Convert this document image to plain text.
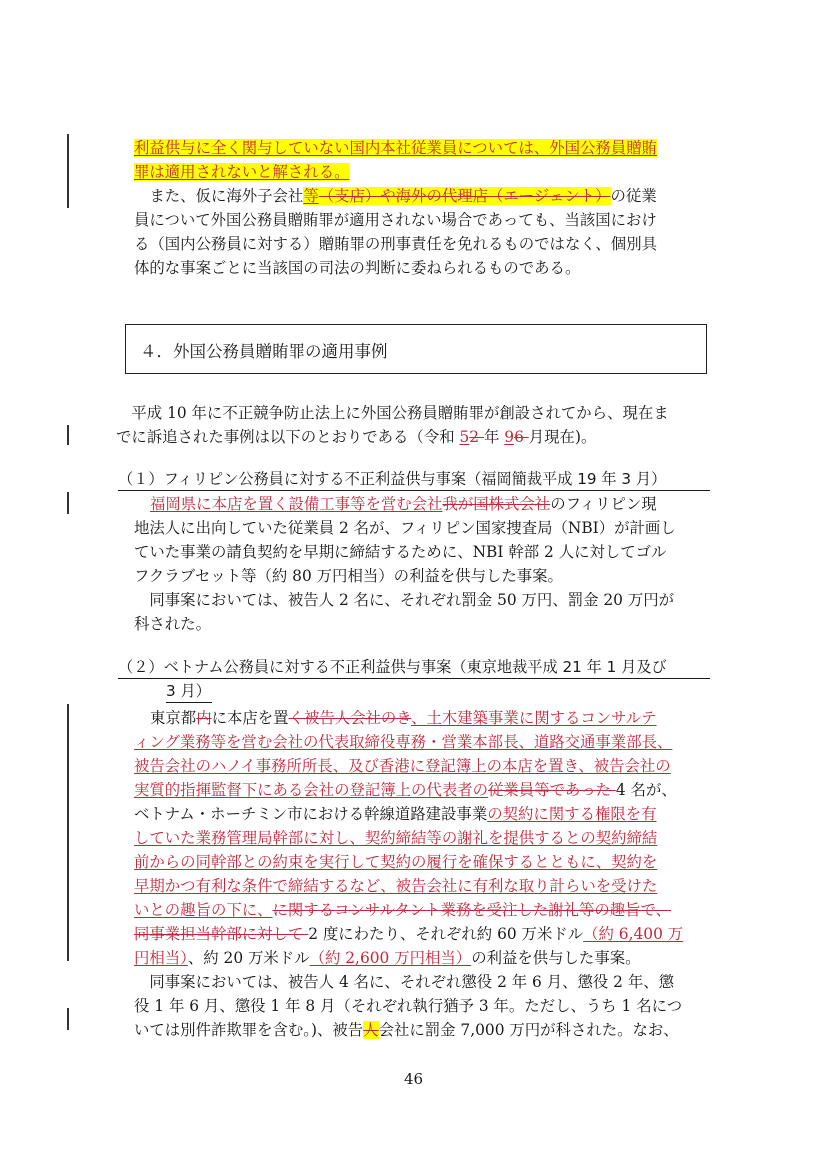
利益供与に全く関与していない国内本社従業員については、外国公務員贈賄
罪は適用されないと解される。
　また、仮に海外子会社等（支店）や海外の代理店（エージェント）の従業
員について外国公務員贈賄罪が適用されない場合であっても、当該国におけ
る（国内公務員に対する）贈賄罪の刑事責任を免れるものではなく、個別具
体的な事案ごとに当該国の司法の判断に委ねられるものである。
４．外国公務員贈賄罪の適用事例
　平成 10 年に不正競争防止法上に外国公務員贈賄罪が創設されてから、現在ま
でに訴追された事例は以下のとおりである（令和 52 年 96 月現在)。
（１）フィリピン公務員に対する不正利益供与事案（福岡簡裁平成 19 年 3 月）
福岡県に本店を置く設備工事等を営む会社我が国株式会社のフィリピン現
地法人に出向していた従業員 2 名が、フィリピン国家捜査局（NBI）が計画し
ていた事業の請負契約を早期に締結するために、NBI 幹部 2 人に対してゴル
フクラブセット等（約 80 万円相当）の利益を供与した事案。
　同事案においては、被告人 2 名に、それぞれ罰金 50 万円、罰金 20 万円が
科された。
（２）ベトナム公務員に対する不正利益供与事案（東京地裁平成 21 年 1 月及び
3 月）
東京都内に本店を置く被告人会社のき、土木建築事業に関するコンサルテ
ィング業務等を営む会社の代表取締役専務・営業本部長、道路交通事業部長、
被告会社のハノイ事務所所長、及び香港に登記簿上の本店を置き、被告会社の
実質的指揮監督下にある会社の登記簿上の代表者の従業員等であった 4 名が、
ベトナム・ホーチミン市における幹線道路建設事業の契約に関する権限を有
していた業務管理局幹部に対し、契約締結等の謝礼を提供するとの契約締結
前からの同幹部との約束を実行して契約の履行を確保するとともに、契約を
早期かつ有利な条件で締結するなど、被告会社に有利な取り計らいを受けた
いとの趣旨の下に、に関するコンサルタント業務を受注した謝礼等の趣旨で、
同事業担当幹部に対して 2 度にわたり、それぞれ約 60 万米ドル（約 6,400 万
円相当）、約 20 万米ドル（約 2,600 万円相当）の利益を供与した事案。
　同事案においては、被告人 4 名に、それぞれ懲役 2 年 6 月、懲役 2 年、懲
役 1 年 6 月、懲役 1 年 8 月（それぞれ執行猶予 3 年。ただし、うち 1 名につ
いては別件詐欺罪を含む。)、被告人会社に罰金 7,000 万円が科された。なお、
46
